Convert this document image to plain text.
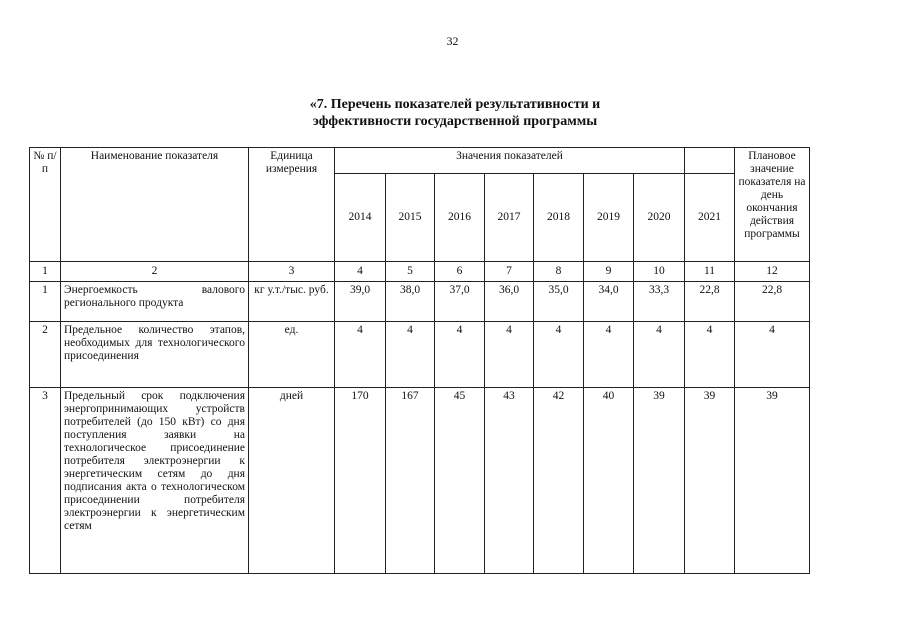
32
«7. Перечень показателей результативности и
эффективности государственной программы
№ п/п	Наименование показателя	Единица измерения	Значения показателей								Плановое значение показателя на день окончания действия программы
			2014	2015	2016	2017	2018	2019	2020	2021	
1	2	3	4	5	6	7	8	9	10	11	12
1	Энергоемкость валового регионального продукта	кг у.т./тыс. руб.	39,0	38,0	37,0	36,0	35,0	34,0	33,3	22,8	22,8
2	Предельное количество этапов, необходимых для технологического присоединения	ед.	4	4	4	4	4	4	4	4	4
3	Предельный срок подключения энергопринимающих устройств потребителей (до 150 кВт) со дня поступления заявки на технологическое присоединение потребителя электроэнергии к энергетическим сетям до дня подписания акта о технологическом присоединении потребителя электроэнергии к энергетическим сетям	дней	170	167	45	43	42	40	39	39	39
